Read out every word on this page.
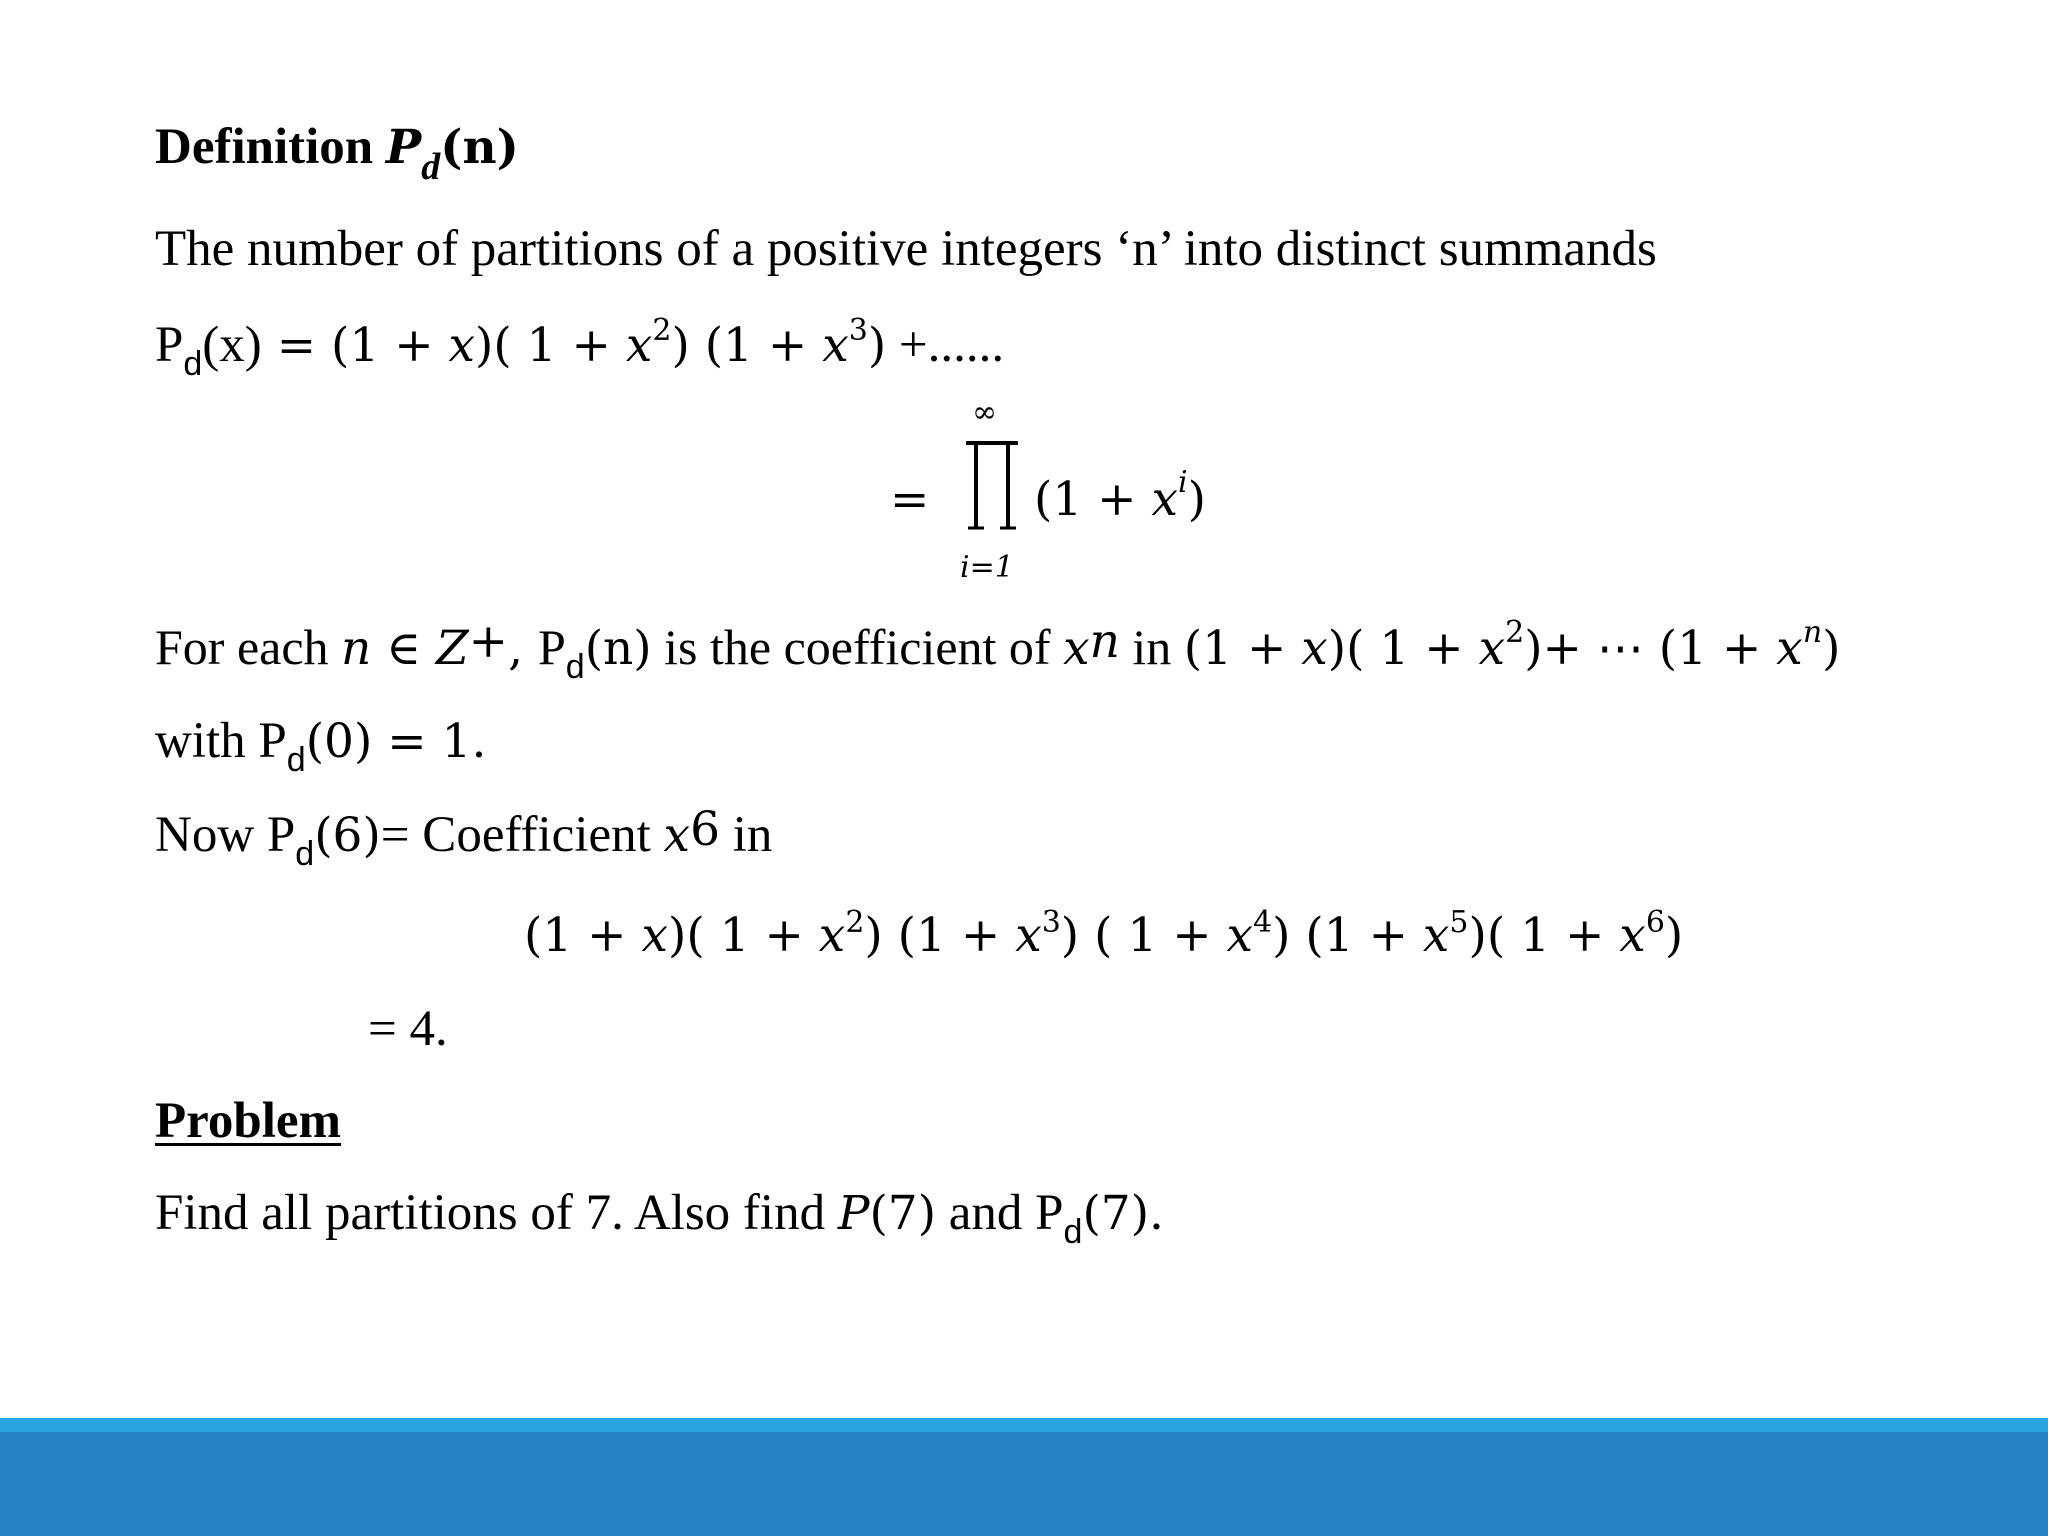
Definition $P_d(n)$
The number of partitions of a positive integers ‘n’ into distinct summands
$P_d(x) = (1 + x)$( $1 + x^2$) $(1 + x^3)$ +......
=
∞
i=1
$(1 + x^i)$
For each n ∈ Z+, $P_d(n)$ is the coefficient of $x^n$ in (1 + x)( $1 + x^2)+$ ⋯ $(1 + x^n)$
with $P_d(0) = 1$.
Now $P_d(6)=$ Coefficient $x^6$ in
(1 + x)( $1 + x^2$) $(1 + x^3)$ ( $1 + x^4$) $(1 + x^5)$( $1 + x^6$)
= 4.
Problem
Find all partitions of 7. Also find P(7) and $P_d(7)$.
